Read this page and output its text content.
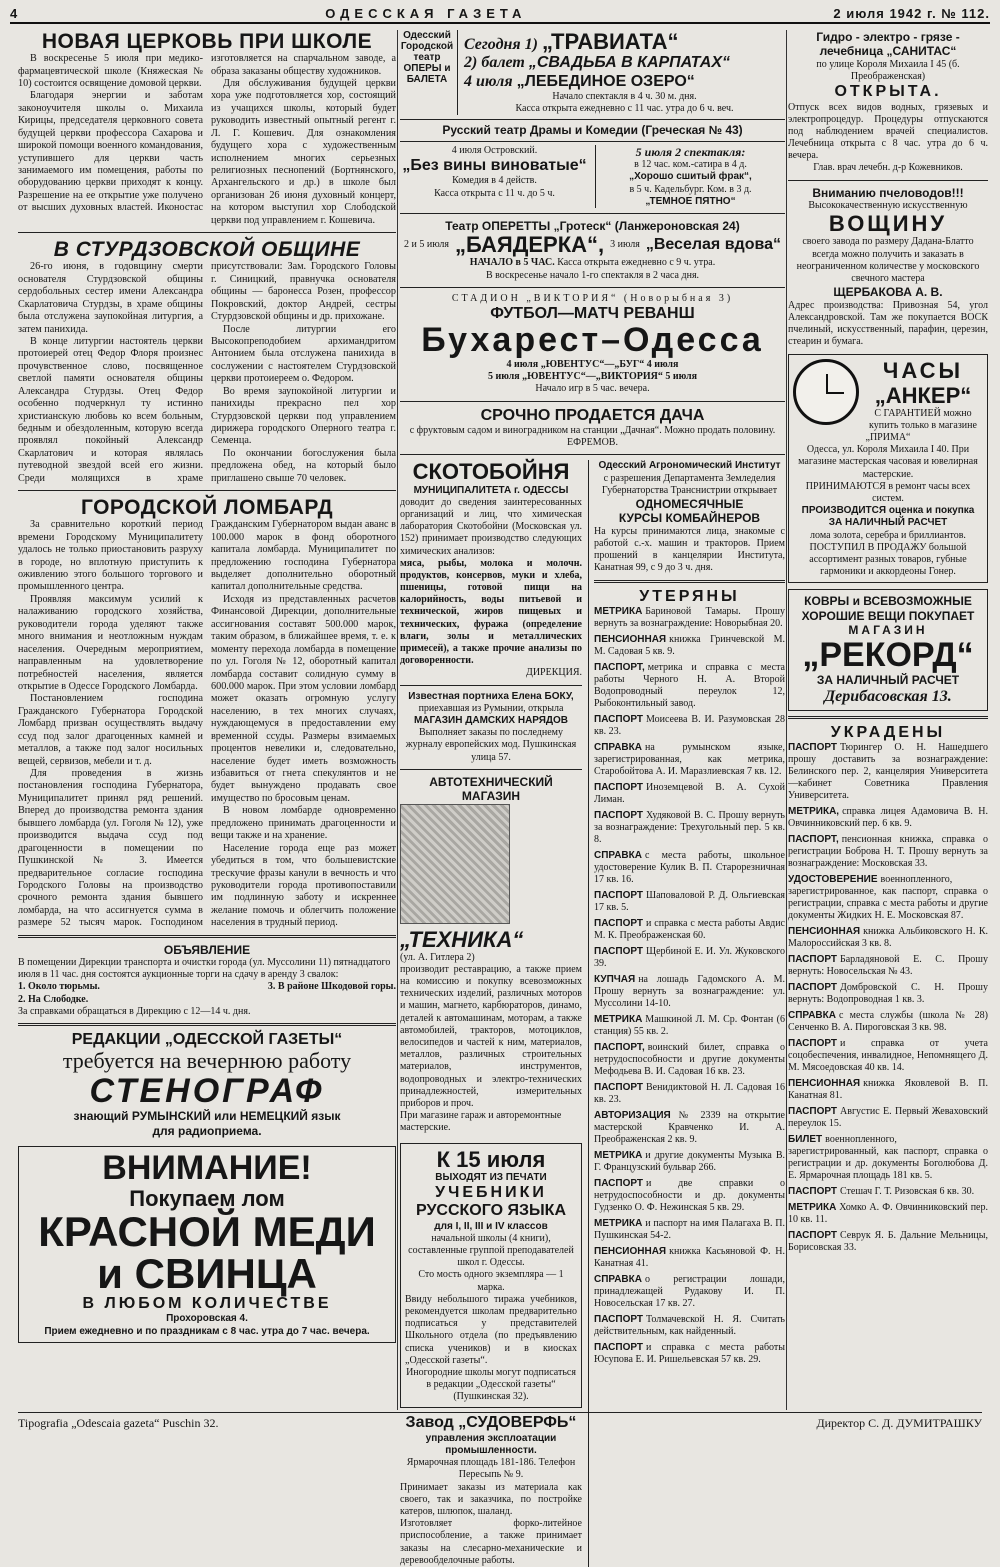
4	ОДЕССКАЯ ГАЗЕТА	2 июля 1942 г. № 112.
НОВАЯ ЦЕРКОВЬ ПРИ ШКОЛЕ

В воскресенье 5 июля при медико-фармацевтической школе (Княжеская № 10) состоится освящение домовой церкви.

Благодаря энергии и заботам законоучителя школы о. Михаила Кирицы, председателя церковного совета будущей церкви профессора Сахарова и широкой помощи военного командования, уступившего для церкви часть занимаемого им помещения, работы по оборудованию церкви приходят к концу. Разрешение на ее открытие уже получено от высших духовных властей. Иконостас изготовляется на спарчальном заводе, а образа заказаны обществу художников.

Для обслуживания будущей церкви хора уже подготовляется хор, состоящий из учащихся школы, который будет руководить известный опытный регент г. Л. Г. Кошевич. Для ознакомления будущего хора с художественным исполнением многих серьезных религиозных песнопений (Бортнянского, Архангельского и др.) в школе был организован 26 июня духовный концерт, на котором выступил хор Слободской церкви под управлением г. Кошевича.

В СТУРДЗОВСКОЙ ОБЩИНЕ

26-го июня, в годовщину смерти основателя Стурдзовской общины сердобольных сестер имени Александра Скарлатовича Стурдзы, в храме общины была отслужена заупокойная литургия, а затем панихида.

В конце литургии настоятель церкви протоиерей отец Федор Флоря произнес прочувственное слово, посвященное светлой памяти основателя общины Александра Стурдзы. Отец Федор особенно подчеркнул ту истинно христианскую любовь ко всем больным, бедным и обездоленным, которую всегда проявлял покойный Александр Скарлатович и которая являлась путеводной звездой всей его жизни. Среди молящихся в храме присутствовали: Зам. Городского Головы г. Синицкий, правнучка основателя общины — баронесса Розен, профессор Покровский, доктор Андрей, сестры Стурдзовской общины и др. прихожане.

После литургии его Высокопреподобием архимандритом Антонием была отслужена панихида в сослужении с настоятелем Стурдзовской церкви протоиереем о. Федором.

Во время заупокойной литургии и панихиды прекрасно пел хор Стурдзовской церкви под управлением дирижера городского Оперного театра г. Семенца.

По окончании богослужения была предложена обед, на который было приглашено свыше 70 человек.

ГОРОДСКОЙ ЛОМБАРД

За сравнительно короткий период времени Городскому Муниципалитету удалось не только приостановить разруху в городе, но вплотную приступить к оживлению этого большого торгового и промышленного центра.

Проявляя максимум усилий к налаживанию городского хозяйства, руководители города уделяют также много внимания и неотложным нуждам населения. Очередным мероприятием, направленным на удовлетворение потребностей населения, является открытие в Одессе Городского Ломбарда.

Постановлением господина Гражданского Губернатора Городской Ломбард призван осуществлять выдачу ссуд под залог драгоценных камней и металлов, а также под залог носильных вещей, сервизов, мебели и т. д.

Для проведения в жизнь постановления господина Губернатора, Муниципалитет принял ряд решений. Вперед до производства ремонта здания бывшего ломбарда (ул. Гоголя № 12), уже производится выдача ссуд под драгоценности в помещении по Пушкинской № 3. Имеется предварительное согласие господина Городского Головы на производство срочного ремонта здания бывшего ломбарда, на что ассигнуется сумма в размере 52 тысяч марок. Господином Гражданским Губернатором выдан аванс в 100.000 марок в фонд оборотного капитала ломбарда. Муниципалитет по предложению господина Губернатора выделяет дополнительно оборотный капитал дополнительные средства.

Исходя из представленных расчетов Финансовой Дирекции, дополнительные ассигнования составят 500.000 марок, таким образом, в ближайшее время, т. е. к моменту перехода ломбарда в помещение по ул. Гоголя № 12, оборотный капитал ломбарда составит солидную сумму в 600.000 марок. При этом условии ломбард может оказать огромную услугу населению, в тех многих случаях, нуждающемуся в предоставлении ему временной ссуды. Размеры взимаемых процентов невелики и, следовательно, население будет иметь возможность избавиться от гнета спекулянтов и не будет вынуждено продавать свое имущество по бросовым ценам.

В новом ломбарде одновременно предложено принимать драгоценности и вещи также и на хранение.

Население города еще раз может убедиться в том, что большевистские трескучие фразы канули в вечность и что руководители города противопоставили им подлинную заботу и искреннее желание помочь и облегчить положение населения в трудный период.

ОБЪЯВЛЕНИЕ
В помещении Дирекции транспорта и очистки города (ул. Муссолини 11) пятнадцатого июля в 11 час. дня состоятся аукционные торги на сдачу в аренду 3 свалок:
1. Около тюрьмы.	3. В районе Шкодовой горы.
2. На Слободке.
За справками обращаться в Дирекцию с 12—14 ч. дня.
РЕДАКЦИИ „ОДЕССКОЙ ГАЗЕТЫ“
требуется на вечернюю работу
СТЕНОГРАФ
знающий РУМЫНСКИЙ или НЕМЕЦКИЙ язык
для радиоприема.
ВНИМАНИЕ!
Покупаем лом
КРАСНОЙ МЕДИ
и СВИНЦА
В ЛЮБОМ КОЛИЧЕСТВЕ
Прохоровская 4.
Прием ежедневно и по праздникам с 8 час. утра до 7 час. вечера.
Одесский Городской театр ОПЕРЫ и БАЛЕТА
Сегодня 1) „ТРАВИАТА“
2) балет „СВАДЬБА В КАРПАТАХ“
4 июля „ЛЕБЕДИНОЕ ОЗЕРО“
Начало спектакля в 4 ч. 30 м. дня.
Касса открыта ежедневно с 11 час. утра до 6 ч. веч.
Русский театр Драмы и Комедии (Греческая № 43)
4 июля Островский.
„Без вины виноватые“
Комедия в 4 действ.
Касса открыта с 11 ч. до 5 ч.
5 июля 2 спектакля:
в 12 час. ком.-сатира в 4 д.
„Хорошо сшитый фрак“,
в 5 ч. Кадельбург. Ком. в 3 д.
„ТЕМНОЕ ПЯТНО“
Театр ОПЕРЕТТЫ „Гротеск“ (Ланжероновская 24)
2 и 5 июля „БАЯДЕРКА“, 3 июля „Веселая вдова“
НАЧАЛО в 5 ЧАС. Касса открыта ежедневно с 9 ч. утра.
В воскресенье начало 1-го спектакля в 2 часа дня.
СТАДИОН „ВИКТОРИЯ“ (Новорыбная 3)
ФУТБОЛ—МАТЧ РЕВАНШ
Бухарест–Одесса
4 июля „ЮВЕНТУС“—„БУГ“ 4 июля
5 июля „ЮВЕНТУС“—„ВИКТОРИЯ“ 5 июля
Начало игр в 5 час. вечера.
СРОЧНО ПРОДАЕТСЯ ДАЧА
с фруктовым садом и виноградником на станции „Дачная“. Можно продать половину. ЕФРЕМОВ.
СКОТОБОЙНЯ
МУНИЦИПАЛИТЕТА г. ОДЕССЫ
доводит до сведения заинтересованных организаций и лиц, что химическая лаборатория Скотобойни (Московская ул. 152) принимает производство следующих химических анализов:
мяса, рыбы, молока и молочн. продуктов, консервов, муки и хлеба, пшеницы, готовой пищи на калорийность, воды питьевой и технической, жиров пищевых и технических, фуража (определение влаги, золы и металлических примесей), а также прочие анализы по договоренности.
ДИРЕКЦИЯ.
Известная портниха Елена БОКУ,
приехавшая из Румынии, открыла
МАГАЗИН ДАМСКИХ НАРЯДОВ
Выполняет заказы по последнему журналу европейских мод. Пушкинская улица 57.
АВТОТЕХНИЧЕСКИЙ МАГАЗИН
„ТЕХНИКА“
(ул. А. Гитлера 2)
производит реставрацию, а также прием на комиссию и покупку всевозможных технических изделий, различных моторов и машин, магнето, карбюраторов, динамо, деталей к автомашинам, моторам, а также автомобилей, тракторов, мотоциклов, велосипедов и частей к ним, материалов, металлов, различных строительных материалов, инструментов, водопроводных и электро-технических принадлежностей, измерительных приборов и проч.
При магазине гараж и авторемонтные мастерские.
К 15 июля
ВЫХОДЯТ ИЗ ПЕЧАТИ
УЧЕБНИКИ
РУССКОГО ЯЗЫКА
для I, II, III и IV классов
начальной школы (4 книги), составленные группой преподавателей школ г. Одессы.
Сто мость одного экземпляра — 1 марка.
Ввиду небольшого тиража учебников, рекомендуется школам предварительно подписаться у представителей Школьного отдела (по предъявлению списка учеников) и в киосках „Одесской газеты“.
Иногородние школы могут подписаться в редакции „Одесской газеты“ (Пушкинская 32).
Завод „СУДОВЕРФЬ“
управления эксплоатации промышленности.
Ярмарочная площадь 181-186. Телефон Пересыпь № 9.
Принимает заказы из материала как своего, так и заказчика, по постройке катеров, шлюпок, шаланд.
Изготовляет форко-литейное приспособление, а также принимает заказы на слесарно-механические и деревообделочные работы.
Одесский Агрономический Институт
с разрешения Департамента Земледелия Губернаторства Транснистрии открывает
ОДНОМЕСЯЧНЫЕ
КУРСЫ КОМБАЙНЕРОВ
На курсы принимаются лица, знакомые с работой с.-х. машин и тракторов. Прием прошений в канцелярии Института, Канатная 99, с 9 до 3 ч. дня.
УТЕРЯНЫ
МЕТРИКА Бариновой Тамары. Прошу вернуть за вознаграждение: Новорыбная 20.
ПЕНСИОННАЯ книжка Гринчевской М. М. Садовая 5 кв. 9.
ПАСПОРТ, метрика и справка с места работы Черного Н. А. Второй Водопроводный переулок 12, Рыбоконтильный завод.
ПАСПОРТ Моисеева В. И. Разумовская 28 кв. 23.
СПРАВКА на румынском языке, зарегистрированная, как метрика, Старобойтова А. И. Маразлиевская 7 кв. 12.
ПАСПОРТ Иноземцевой В. А. Сухой Лиман.
ПАСПОРТ Худяковой В. С. Прошу вернуть за вознаграждение: Трехугольный пер. 5 кв. 8.
СПРАВКА с места работы, школьное удостоверение Кулик В. П. Старорезничная 17 кв. 16.
ПАСПОРТ Шаповаловой Р. Д. Ольгиевская 17 кв. 5.
ПАСПОРТ и справка с места работы Авдис М. К. Преображенская 60.
ПАСПОРТ Щербиной Е. И. Ул. Жуковского 39.
КУПЧАЯ на лошадь Гадомского А. М. Прошу вернуть за вознаграждение: ул. Муссолини 14-10.
МЕТРИКА Машкиной Л. М. Ср. Фонтан (6 станция) 55 кв. 2.
ПАСПОРТ, воинский билет, справка о нетрудоспособности и другие документы Мефодьева В. И. Садовая 16 кв. 23.
ПАСПОРТ Венидиктовой Н. Л. Садовая 16 кв. 23.
АВТОРИЗАЦИЯ № 2339 на открытие мастерской Кравченко И. А. Преображенская 2 кв. 9.
МЕТРИКА и другие документы Музыка В. Г. Французский бульвар 266.
ПАСПОРТ и две справки о нетрудоспособности и др. документы Гудзенко О. Ф. Нежинская 5 кв. 29.
МЕТРИКА и паспорт на имя Палагаха В. П. Пушкинская 54-2.
ПЕНСИОННАЯ книжка Касьяновой Ф. Н. Канатная 41.
СПРАВКА о регистрации лошади, принадлежащей Рудакову И. П. Новосельская 17 кв. 27.
ПАСПОРТ Толмачевской Н. Я. Считать действительным, как найденный.
ПАСПОРТ и справка с места работы Юсупова Е. И. Ришельевская 57 кв. 29.
Гидро - электро - грязе - лечебница „САНИТАС“
по улице Короля Михаила I 45 (б. Преображенская)
ОТКРЫТА.
Отпуск всех видов водных, грязевых и электропроцедур. Процедуры отпускаются под наблюдением врачей специалистов. Лечебница открыта с 8 час. утра до 6 ч. вечера.
Глав. врач лечебн. д-р Кожевников.
Вниманию пчеловодов!!!
Высококачественную искусственную
ВОЩИНУ
своего завода по размеру Дадана-Блатто всегда можно получить и заказать в неограниченном количестве у московского свечного мастера
ЩЕРБАКОВА А. В.
Адрес производства: Привозная 54, угол Александровской. Там же покупается ВОСК пчелиный, искусственный, парафин, церезин, стеарин и бумага.
ЧАСЫ
„АНКЕР“
С ГАРАНТИЕЙ можно купить только в магазине „ПРИМА“
Одесса, ул. Короля Михаила I 40. При магазине мастерская часовая и ювелирная мастерские.
ПРИНИМАЮТСЯ в ремонт часы всех систем.
ПРОИЗВОДИТСЯ оценка и покупка
ЗА НАЛИЧНЫЙ РАСЧЕТ
лома золота, серебра и бриллиантов.
ПОСТУПИЛ В ПРОДАЖУ большой ассортимент разных товаров, губные гармоники и аккордеоны Гонер.
КОВРЫ и ВСЕВОЗМОЖНЫЕ
ХОРОШИЕ ВЕЩИ ПОКУПАЕТ
МАГАЗИН
„РЕКОРД“
ЗА НАЛИЧНЫЙ РАСЧЕТ
Дерибасовская 13.
УКРАДЕНЫ
ПАСПОРТ Тюрингер О. Н. Нашедшего прошу доставить за вознаграждение: Белинского пер. 2, канцелярия Университета—кабинет Советника Правления Университета.
МЕТРИКА, справка лицея Адамовича В. Н. Овчинниковский пер. 6 кв. 9.
ПАСПОРТ, пенсионная книжка, справка о регистрации Боброва Н. Т. Прошу вернуть за вознаграждение: Московская 33.
УДОСТОВЕРЕНИЕ военнопленного, зарегистрированное, как паспорт, справка о регистрации, справка с места работы и другие документы Жидких Н. Е. Московская 87.
ПЕНСИОННАЯ книжка Альбиковского Н. К. Малороссийская 3 кв. 8.
ПАСПОРТ Барладяновой Е. С. Прошу вернуть: Новосельская № 43.
ПАСПОРТ Домбровской С. Н. Прошу вернуть: Водопроводная 1 кв. 3.
СПРАВКА с места службы (школа № 28) Сенченко В. А. Пироговская 3 кв. 98.
ПАСПОРТ и справка от учета соцобеспечения, инвалидное, Непомнящего Д. М. Мясоедовская 40 кв. 14.
ПЕНСИОННАЯ книжка Яковлевой В. П. Канатная 81.
ПАСПОРТ Августис Е. Первый Жеваховский переулок 15.
БИЛЕТ военнопленного, зарегистрированный, как паспорт, справка о регистрации и др. документы Боголюбова Д. Е. Ярмарочная площадь 181 кв. 5.
ПАСПОРТ Стешач Г. Т. Ризовская 6 кв. 30.
МЕТРИКА Хомко А. Ф. Овчинниковский пер. 10 кв. 11.
ПАСПОРТ Севрук Я. Б. Дальние Мельницы, Борисовская 33.
Tipografia „Odescaia gazeta“ Puschin 32.	Директор С. Д. ДУМИТРАШКУ
